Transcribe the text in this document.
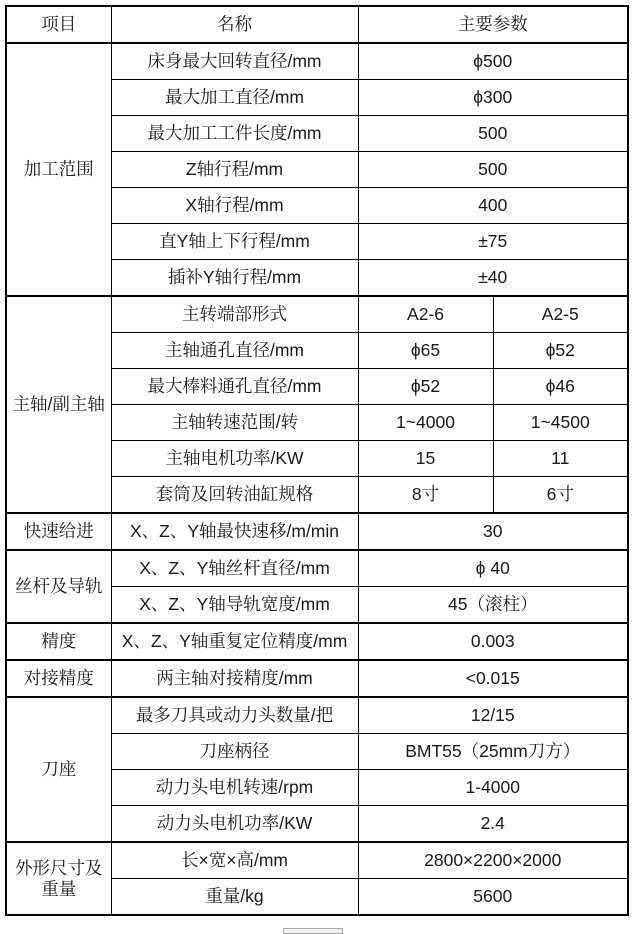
项目	名称	主要参数	
加工范围	床身最大回转直径/mm	ϕ500	
	最大加工直径/mm	ϕ300	
	最大加工工件长度/mm	500	
	Z轴行程/mm	500	
	X轴行程/mm	400	
	直Y轴上下行程/mm	±75	
	插补Y轴行程/mm	±40	
主轴/副主轴	主转端部形式	A2-6	A2-5
	主轴通孔直径/mm	ϕ65	ϕ52
	最大棒料通孔直径/mm	ϕ52	ϕ46
	主轴转速范围/转	1~4000	1~4500
	主轴电机功率/KW	15	11
	套筒及回转油缸规格	8寸	6寸
快速给进	X、Z、Y轴最快速移/m/min	30	
丝杆及导轨	X、Z、Y轴丝杆直径/mm	ϕ 40	
	X、Z、Y轴导轨宽度/mm	45（滚柱）	
精度	X、Z、Y轴重复定位精度/mm	0.003	
对接精度	两主轴对接精度/mm	<0.015	
刀座	最多刀具或动力头数量/把	12/15	
	刀座柄径	BMT55（25mm刀方）	
	动力头电机转速/rpm	1-4000	
	动力头电机功率/KW	2.4	
外形尺寸及重量	长×宽×高/mm	2800×2200×2000	
	重量/kg	5600	
